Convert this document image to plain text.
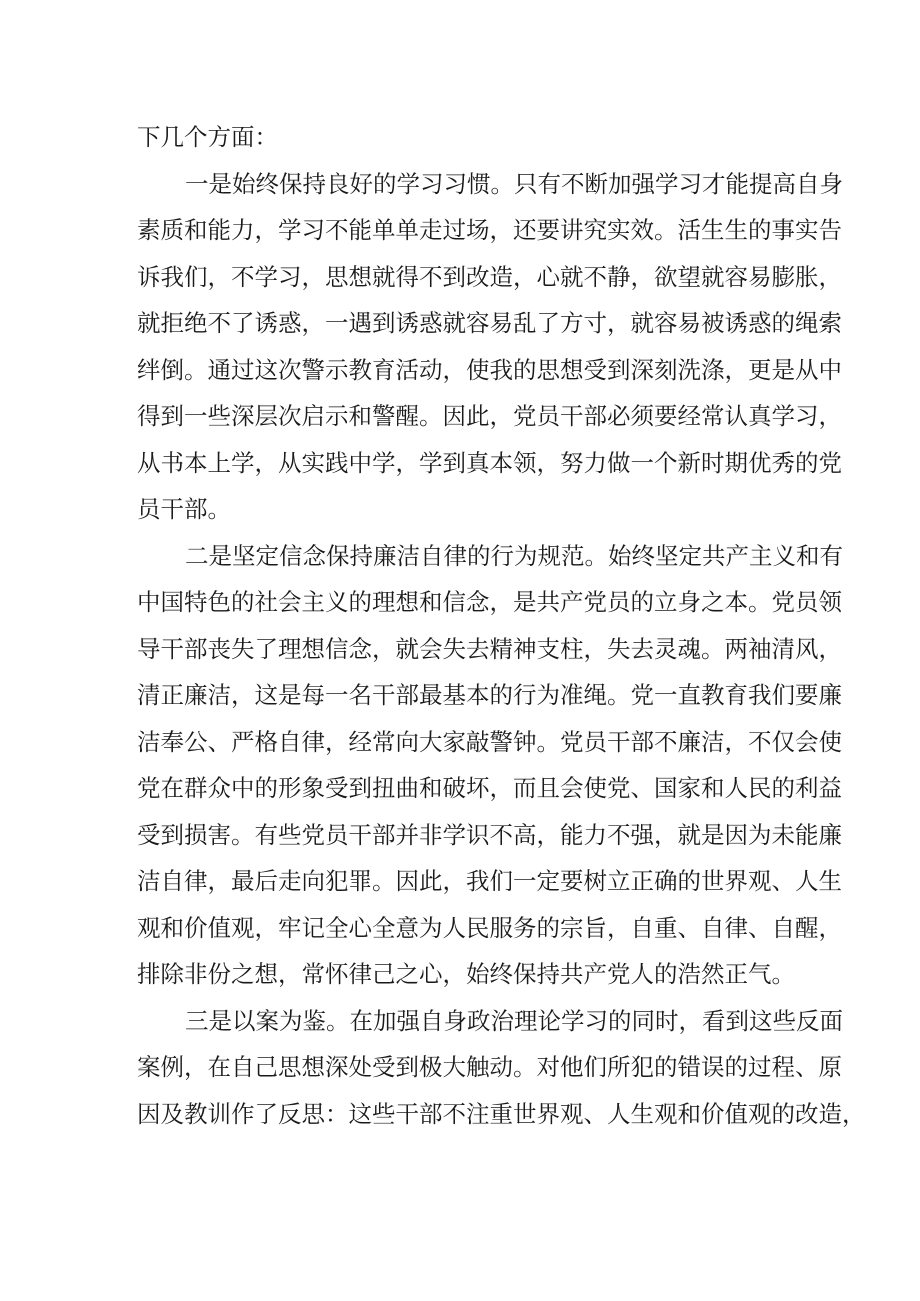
下几个方面：
一是始终保持良好的学习习惯。只有不断加强学习才能提高自身
素质和能力，学习不能单单走过场，还要讲究实效。活生生的事实告
诉我们，不学习，思想就得不到改造，心就不静，欲望就容易膨胀，
就拒绝不了诱惑，一遇到诱惑就容易乱了方寸，就容易被诱惑的绳索
绊倒。通过这次警示教育活动，使我的思想受到深刻洗涤，更是从中
得到一些深层次启示和警醒。因此，党员干部必须要经常认真学习，
从书本上学，从实践中学，学到真本领，努力做一个新时期优秀的党
员干部。
二是坚定信念保持廉洁自律的行为规范。始终坚定共产主义和有
中国特色的社会主义的理想和信念，是共产党员的立身之本。党员领
导干部丧失了理想信念，就会失去精神支柱，失去灵魂。两袖清风，
清正廉洁，这是每一名干部最基本的行为准绳。党一直教育我们要廉
洁奉公、严格自律，经常向大家敲警钟。党员干部不廉洁，不仅会使
党在群众中的形象受到扭曲和破坏，而且会使党、国家和人民的利益
受到损害。有些党员干部并非学识不高，能力不强，就是因为未能廉
洁自律，最后走向犯罪。因此，我们一定要树立正确的世界观、人生
观和价值观，牢记全心全意为人民服务的宗旨，自重、自律、自醒，
排除非份之想，常怀律己之心，始终保持共产党人的浩然正气。
三是以案为鉴。在加强自身政治理论学习的同时，看到这些反面
案例，在自己思想深处受到极大触动。对他们所犯的错误的过程、原
因及教训作了反思：这些干部不注重世界观、人生观和价值观的改造，
